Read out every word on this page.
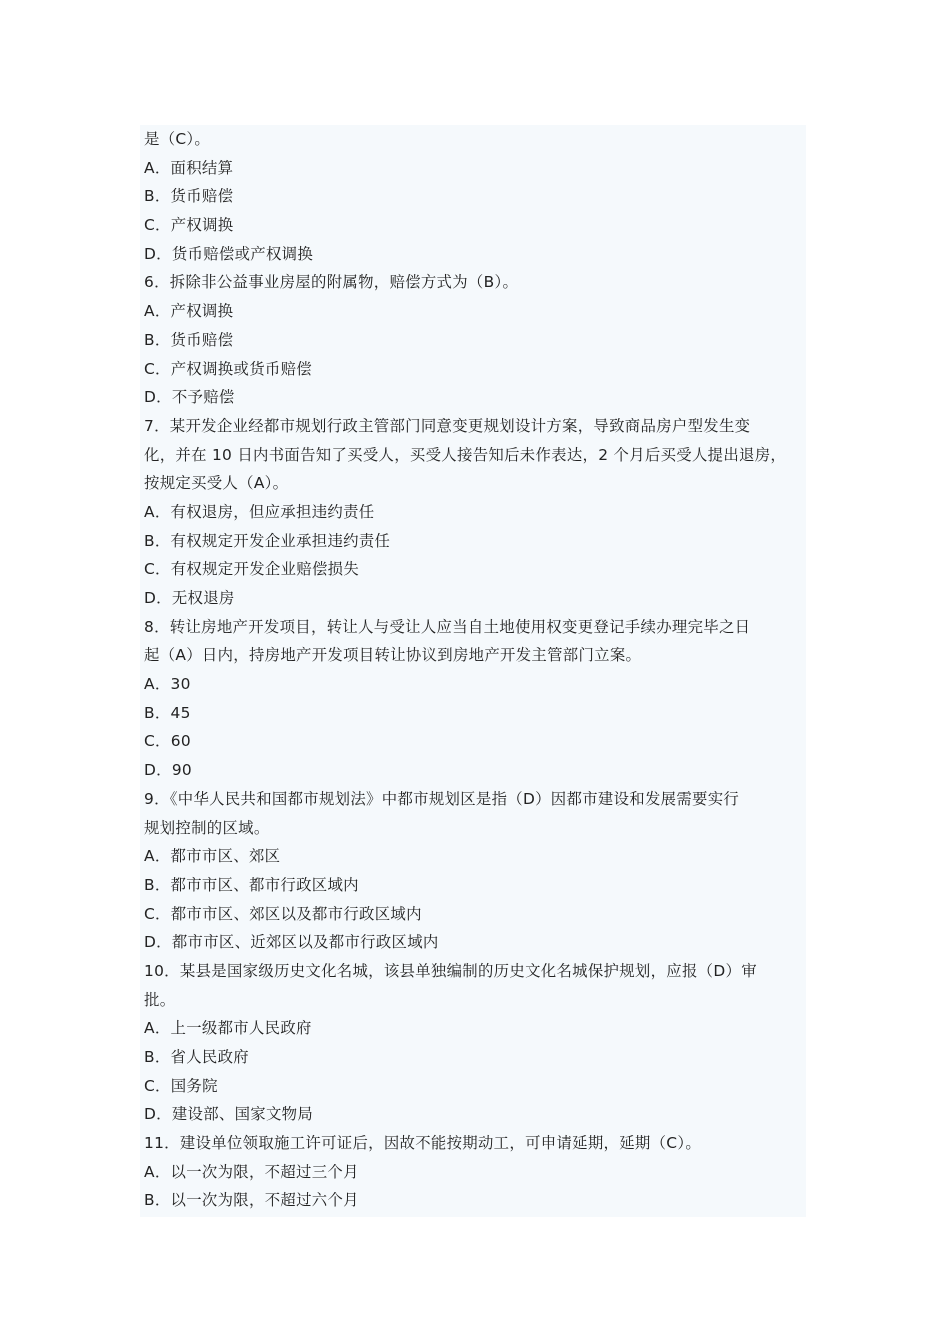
是（C）。
A．面积结算
B．货币赔偿
C．产权调换
D．货币赔偿或产权调换
6．拆除非公益事业房屋的附属物，赔偿方式为（B）。
A．产权调换
B．货币赔偿
C．产权调换或货币赔偿
D．不予赔偿
7．某开发企业经都市规划行政主管部门同意变更规划设计方案，导致商品房户型发生变
化，并在 10 日内书面告知了买受人，买受人接告知后未作表达，2 个月后买受人提出退房，
按规定买受人（A）。
A．有权退房，但应承担违约责任
B．有权规定开发企业承担违约责任
C．有权规定开发企业赔偿损失
D．无权退房
8．转让房地产开发项目，转让人与受让人应当自土地使用权变更登记手续办理完毕之日
起（A）日内，持房地产开发项目转让协议到房地产开发主管部门立案。
A．30
B．45
C．60
D．90
9．《中华人民共和国都市规划法》中都市规划区是指（D）因都市建设和发展需要实行
规划控制的区域。
A．都市市区、郊区
B．都市市区、都市行政区域内
C．都市市区、郊区以及都市行政区域内
D．都市市区、近郊区以及都市行政区域内
10．某县是国家级历史文化名城，该县单独编制的历史文化名城保护规划，应报（D）审
批。
A．上一级都市人民政府
B．省人民政府
C．国务院
D．建设部、国家文物局
11．建设单位领取施工许可证后，因故不能按期动工，可申请延期，延期（C）。
A．以一次为限，不超过三个月
B．以一次为限，不超过六个月
